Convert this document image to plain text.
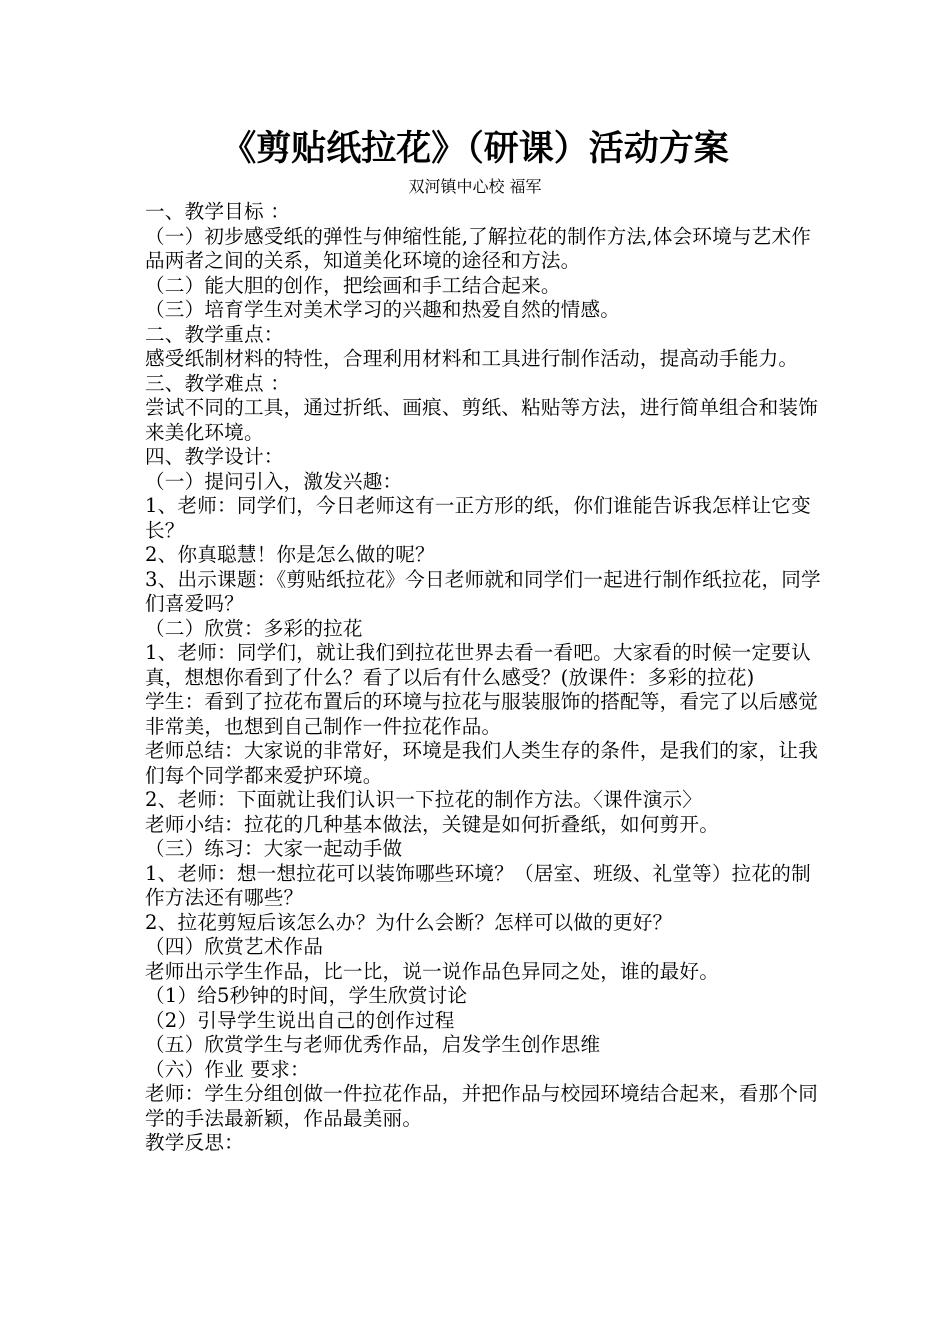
《剪贴纸拉花》（研课）活动方案
双河镇中心校 福军

一、教学目标 ：

（一）初步感受纸的弹性与伸缩性能,了解拉花的制作方法,体会环境与艺术作品两者之间的关系，知道美化环境的途径和方法。

（二）能大胆的创作，把绘画和手工结合起来。

（三）培育学生对美术学习的兴趣和热爱自然的情感。

二、教学重点：

感受纸制材料的特性，合理利用材料和工具进行制作活动，提高动手能力。

三、教学难点 ：

尝试不同的工具，通过折纸、画痕、剪纸、粘贴等方法，进行简单组合和装饰来美化环境。

四、教学设计：

（一）提问引入，激发兴趣：

1、老师：同学们，今日老师这有一正方形的纸，你们谁能告诉我怎样让它变长？

2、你真聪慧！你是怎么做的呢？

3、出示课题：《剪贴纸拉花》今日老师就和同学们一起进行制作纸拉花，同学们喜爱吗？

（二）欣赏：多彩的拉花

1、老师：同学们，就让我们到拉花世界去看一看吧。大家看的时候一定要认真，想想你看到了什么？看了以后有什么感受？(放课件：多彩的拉花)

学生：看到了拉花布置后的环境与拉花与服装服饰的搭配等，看完了以后感觉非常美，也想到自己制作一件拉花作品。

老师总结：大家说的非常好，环境是我们人类生存的条件，是我们的家，让我们每个同学都来爱护环境。

2、老师：下面就让我们认识一下拉花的制作方法。〈课件演示〉

老师小结：拉花的几种基本做法，关键是如何折叠纸，如何剪开。

（三）练习：大家一起动手做

1、老师：想一想拉花可以装饰哪些环境？（居室、班级、礼堂等）拉花的制作方法还有哪些？

2、拉花剪短后该怎么办？为什么会断？怎样可以做的更好？

（四）欣赏艺术作品

老师出示学生作品，比一比，说一说作品色异同之处，谁的最好。

（1）给5秒钟的时间，学生欣赏讨论

（2）引导学生说出自己的创作过程

（五）欣赏学生与老师优秀作品，启发学生创作思维

（六）作业 要求：

老师：学生分组创做一件拉花作品，并把作品与校园环境结合起来，看那个同学的手法最新颖，作品最美丽。

教学反思：
